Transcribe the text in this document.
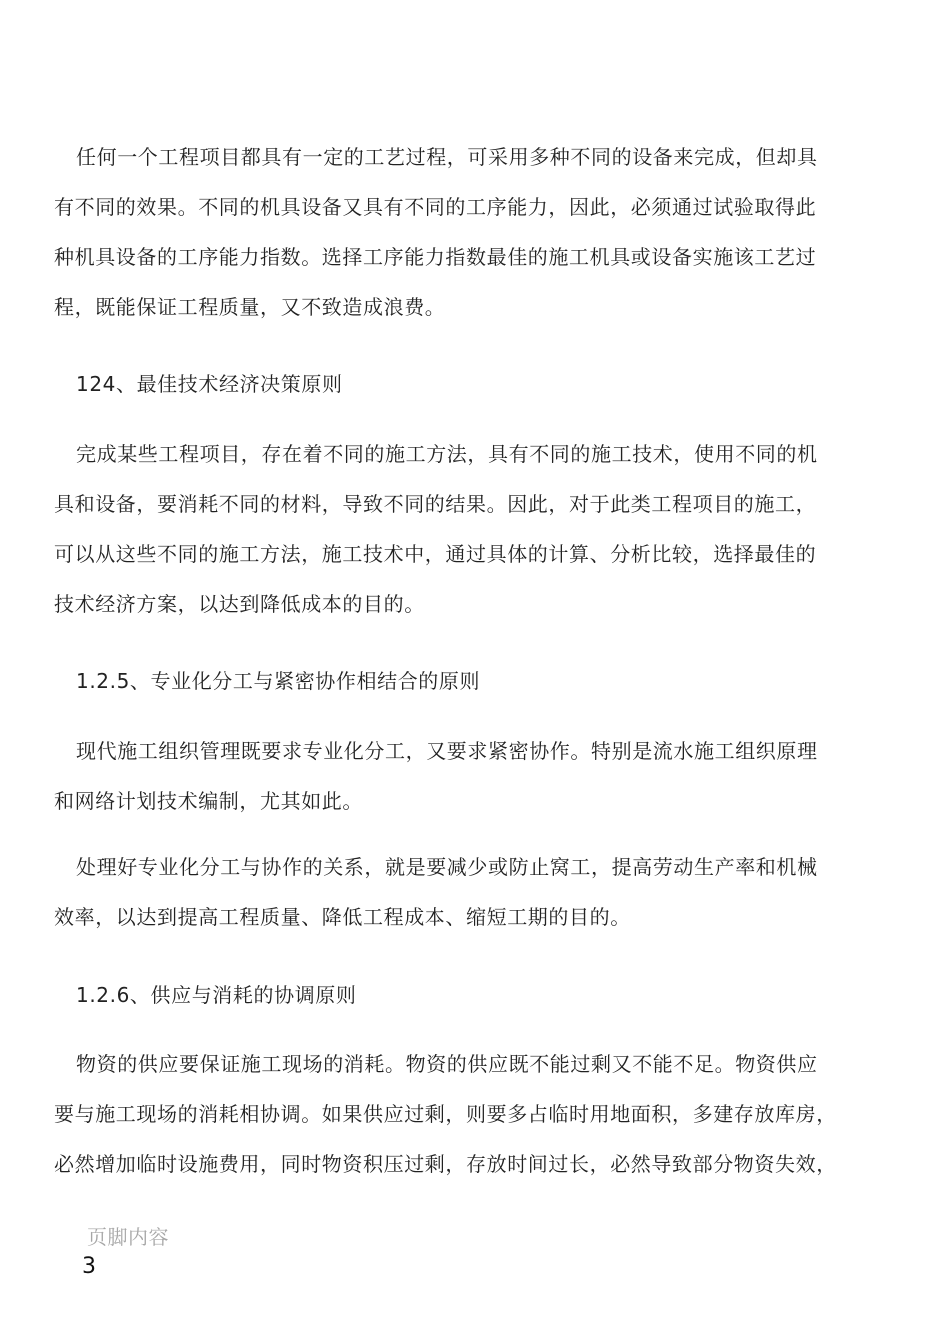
任何一个工程项目都具有一定的工艺过程，可采用多种不同的设备来完成，但却具
有不同的效果。不同的机具设备又具有不同的工序能力，因此，必须通过试验取得此
种机具设备的工序能力指数。选择工序能力指数最佳的施工机具或设备实施该工艺过
程，既能保证工程质量，又不致造成浪费。
124、最佳技术经济决策原则
完成某些工程项目，存在着不同的施工方法，具有不同的施工技术，使用不同的机
具和设备，要消耗不同的材料，导致不同的结果。因此，对于此类工程项目的施工，
可以从这些不同的施工方法，施工技术中，通过具体的计算、分析比较，选择最佳的
技术经济方案，以达到降低成本的目的。
1.2.5、专业化分工与紧密协作相结合的原则
现代施工组织管理既要求专业化分工，又要求紧密协作。特别是流水施工组织原理
和网络计划技术编制，尤其如此。
处理好专业化分工与协作的关系，就是要减少或防止窝工，提高劳动生产率和机械
效率，以达到提高工程质量、降低工程成本、缩短工期的目的。
1.2.6、供应与消耗的协调原则
物资的供应要保证施工现场的消耗。物资的供应既不能过剩又不能不足。物资供应
要与施工现场的消耗相协调。如果供应过剩，则要多占临时用地面积，多建存放库房，
必然增加临时设施费用，同时物资积压过剩，存放时间过长，必然导致部分物资失效，
页脚内容
3
